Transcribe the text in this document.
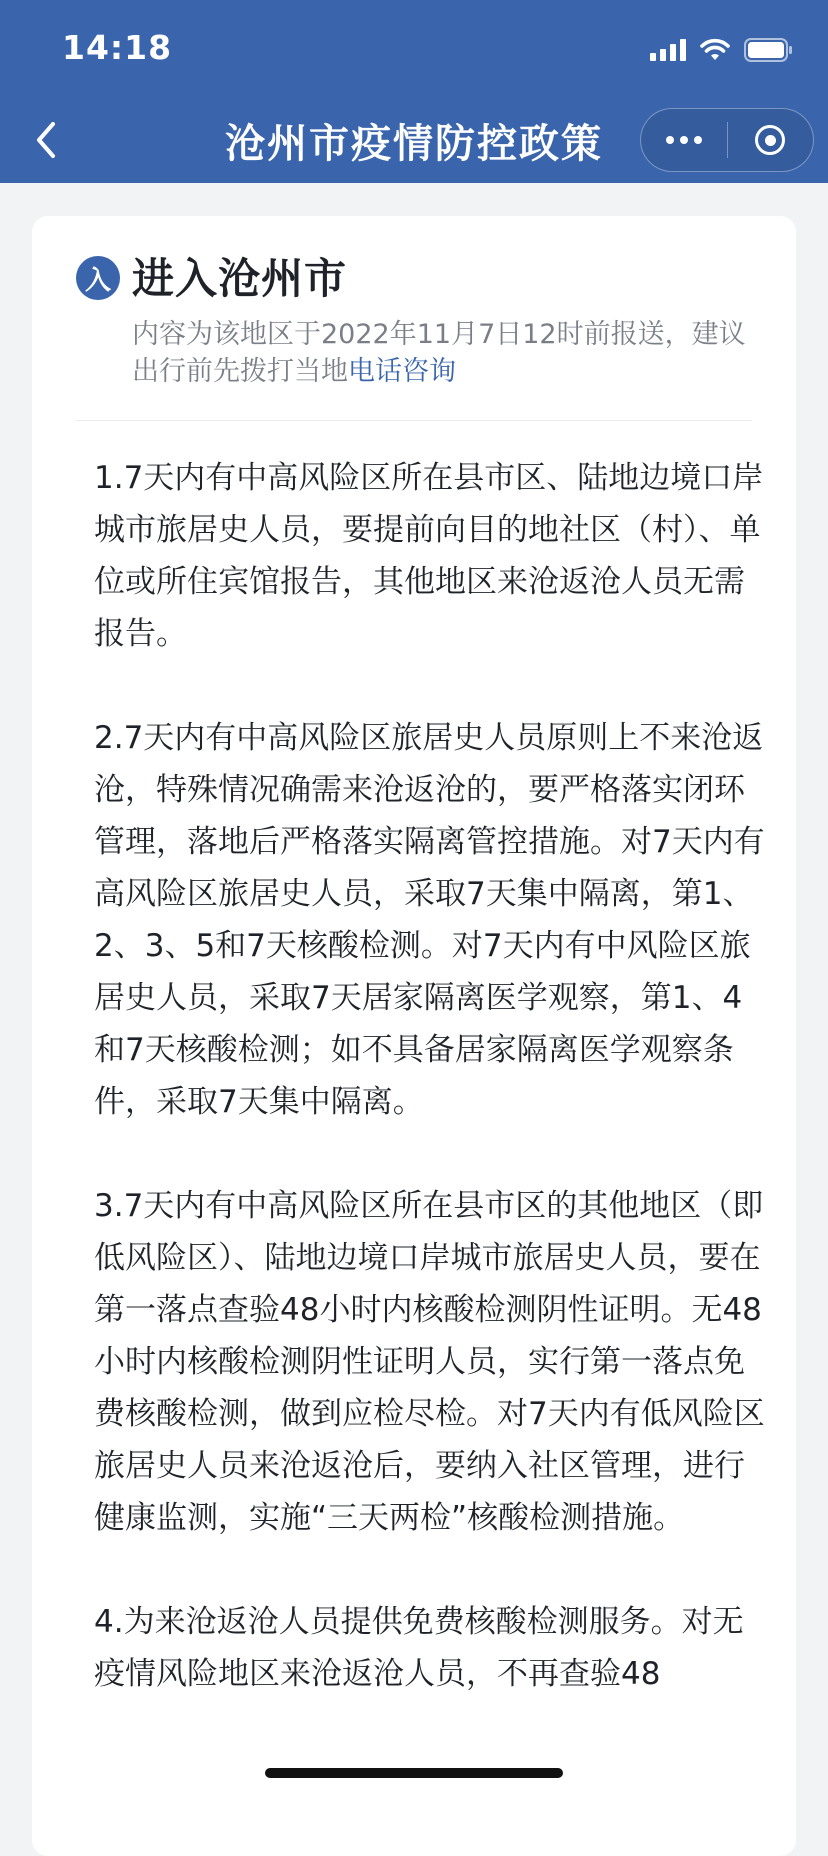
14:18
沧州市疫情防控政策
入 进入沧州市
内容为该地区于2022年11月7日12时前报送，建议出行前先拨打当地电话咨询

1.7天内有中高风险区所在县市区、陆地边境口岸城市旅居史人员，要提前向目的地社区（村）、单位或所住宾馆报告，其他地区来沧返沧人员无需报告。

2.7天内有中高风险区旅居史人员原则上不来沧返沧，特殊情况确需来沧返沧的，要严格落实闭环管理，落地后严格落实隔离管控措施。对7天内有高风险区旅居史人员，采取7天集中隔离，第1、2、3、5和7天核酸检测。对7天内有中风险区旅居史人员，采取7天居家隔离医学观察，第1、4和7天核酸检测；如不具备居家隔离医学观察条件，采取7天集中隔离。

3.7天内有中高风险区所在县市区的其他地区（即低风险区）、陆地边境口岸城市旅居史人员，要在第一落点查验48小时内核酸检测阴性证明。无48小时内核酸检测阴性证明人员，实行第一落点免费核酸检测，做到应检尽检。对7天内有低风险区旅居史人员来沧返沧后，要纳入社区管理，进行健康监测，实施“三天两检”核酸检测措施。

4.为来沧返沧人员提供免费核酸检测服务。对无疫情风险地区来沧返沧人员，不再查验48
